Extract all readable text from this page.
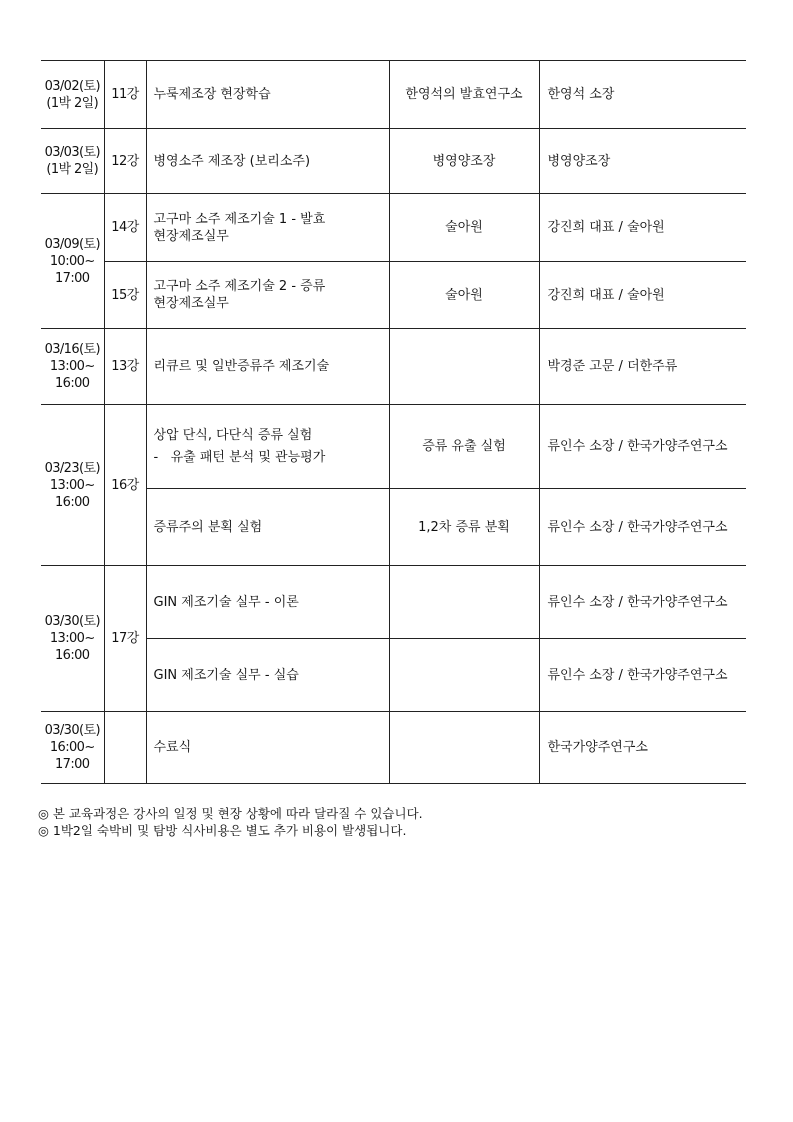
03/02(토)
(1박 2일)	11강	누룩제조장 현장학습	한영석의 발효연구소	한영석 소장

03/03(토)
(1박 2일)	12강	병영소주 제조장 (보리소주)	병영양조장	병영양조장

03/09(토)
10:00~
17:00	14강	고구마 소주 제조기술 1 - 발효
현장제조실무	술아원	강진희 대표 / 술아원
	15강	고구마 소주 제조기술 2 - 증류
현장제조실무	술아원	강진희 대표 / 술아원

03/16(토)
13:00~
16:00	13강	리큐르 및 일반증류주 제조기술		박경준 고문 / 더한주류

03/23(토)
13:00~
16:00	16강	상압 단식, 다단식 증류 실험
-   유출 패턴 분석 및 관능평가	증류 유출 실험	류인수 소장 / 한국가양주연구소

		증류주의 분획 실험	1,2차 증류 분획	류인수 소장 / 한국가양주연구소

03/30(토)
13:00~
16:00	17강	GIN 제조기술 실무 - 이론		류인수 소장 / 한국가양주연구소

		GIN 제조기술 실무 - 실습		류인수 소장 / 한국가양주연구소

03/30(토)
16:00~
17:00		수료식		한국가양주연구소
◎ 본 교육과정은 강사의 일정 및 현장 상황에 따라 달라질 수 있습니다.
◎ 1박2일 숙박비 및 탐방 식사비용은 별도 추가 비용이 발생됩니다.
